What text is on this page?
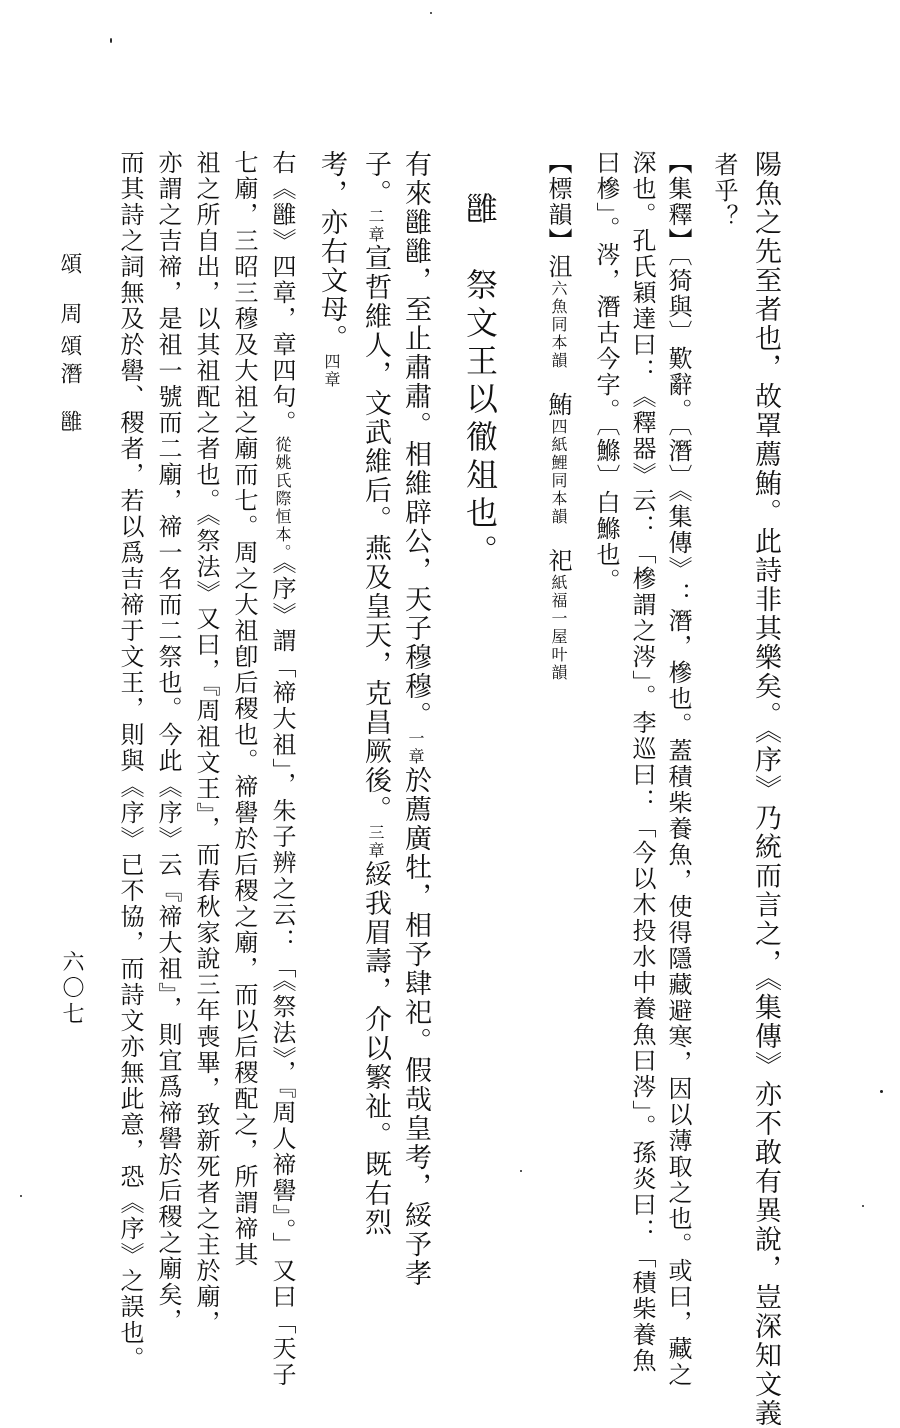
陽魚之先至者也，故罩薦鮪。此詩非其樂矣。《序》乃統而言之，《集傳》亦不敢有異說，豈深知文義
者乎？
【集釋】〔猗與〕歎辭。〔潛〕《集傳》：潛，槮也。蓋積柴養魚，使得隱藏避寒，因以薄取之也。或曰，藏之
深也。孔氏穎達曰：《釋器》云：「槮謂之涔」。李巡曰：「今以木投水中養魚曰涔」。孫炎曰：「積柴養魚
曰槮」。涔，潛古今字。〔鰷〕白鰷也。
【標韻】沮六魚同本韻鮪四紙鯉同本韻祀紙福一屋叶韻
雝　祭文王以徹俎也。
有來雝雝，至止肅肅。相維辟公，天子穆穆。一章於薦廣牡，相予肆祀。假哉皇考，綏予孝
子。二章宣哲維人，文武維后。燕及皇天，克昌厥後。三章綏我眉壽，介以繁祉。既右烈
考，亦右文母。四章
右《雝》四章，章四句。從姚氏際恒本。《序》謂「禘大祖」，朱子辨之云：「《祭法》，『周人禘嚳』。」又曰「天子
七廟，三昭三穆及大祖之廟而七。周之大祖卽后稷也。禘嚳於后稷之廟，而以后稷配之，所謂禘其
祖之所自出，以其祖配之者也。《祭法》又曰，『周祖文王』，而春秋家說三年喪畢，致新死者之主於廟，
亦謂之吉禘，是祖一號而二廟，禘一名而二祭也。今此《序》云『禘大祖』，則宜爲禘嚳於后稷之廟矣，
而其詩之詞無及於嚳、稷者，若以爲吉禘于文王，則與《序》已不協，而詩文亦無此意，恐《序》之誤也。
頌
周頌
潛
雝
六〇七
